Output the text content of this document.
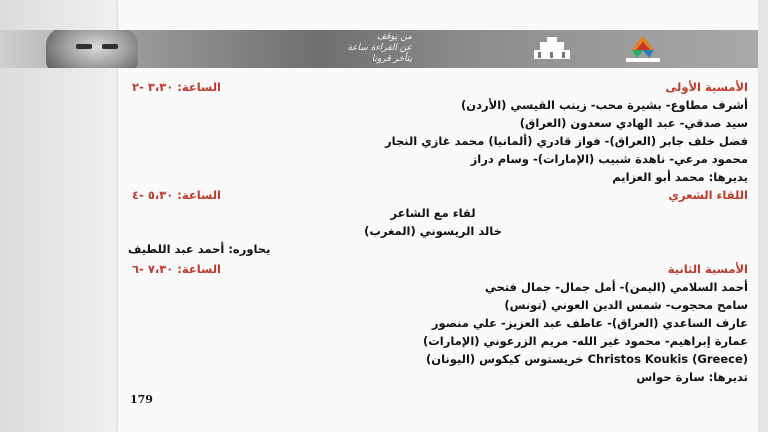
من يوقف
عن القراءة ساعة
يتأخر قرونا
الأمسية الأولى
الساعة: ٣،٣٠ -٢
أشرف مطاوع- بشيرة محب- زينب القيسي (الأردن)
سيد صدقي- عبد الهادي سعدون (العراق)
فضل خلف جابر (العراق)- فواز قادري (ألمانيا) محمد غازي النجار
محمود مرعي- ناهدة شبيب (الإمارات)- وسام دراز
يديرها: محمد أبو العزايم
اللقاء الشعري
الساعة: ٥،٣٠ -٤
لقاء مع الشاعر
خالد الريسوني (المغرب)
يحاوره: أحمد عبد اللطيف
الأمسية الثانية
الساعة: ٧،٣٠ -٦
أحمد السلامي (اليمن)- أمل جمال- جمال فتحي
سامح محجوب- شمس الدين العوني (تونس)
عارف الساعدي (العراق)- عاطف عبد العزيز- علي منصور
عمارة إبراهيم- محمود غير الله- مريم الزرعوني (الإمارات)
Christos Koukis (Greece) خريستوس كيكوس (اليونان)
تديرها: سارة حواس
179
